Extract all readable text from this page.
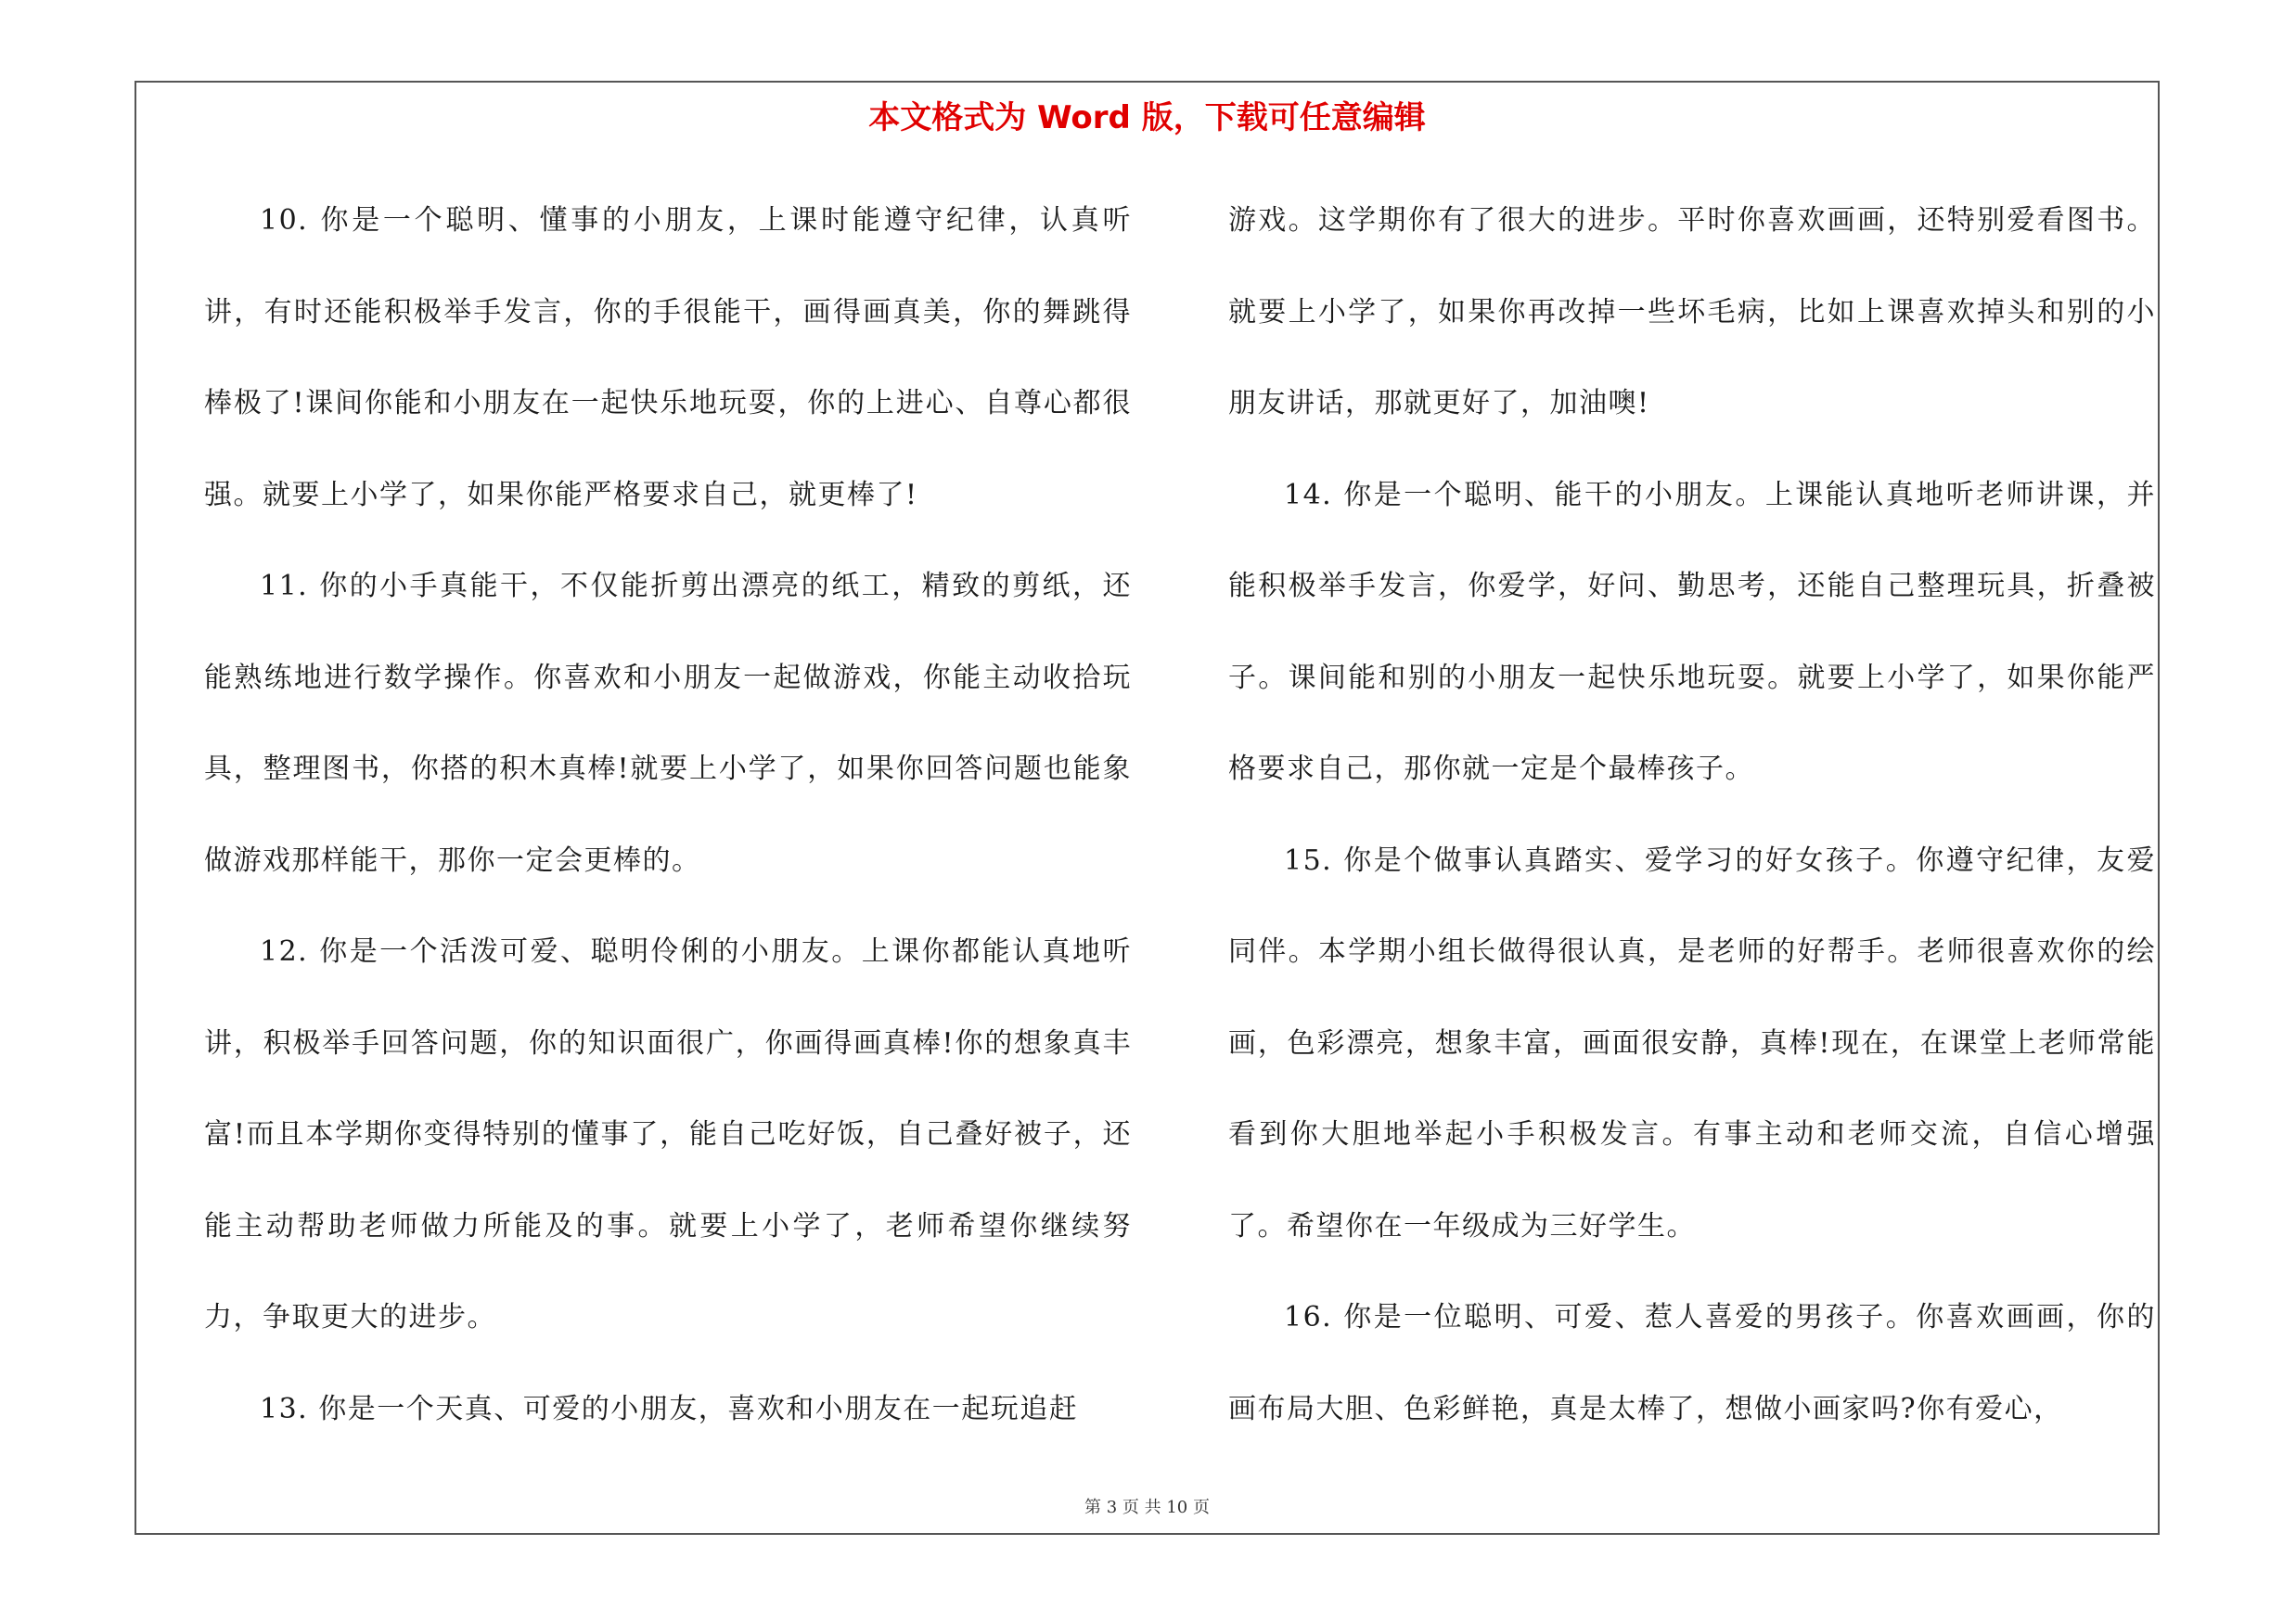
本文格式为 Word 版，下载可任意编辑

10. 你是一个聪明、懂事的小朋友，上课时能遵守纪律，认真听讲，有时还能积极举手发言，你的手很能干，画得画真美，你的舞跳得棒极了!课间你能和小朋友在一起快乐地玩耍，你的上进心、自尊心都很强。就要上小学了，如果你能严格要求自己，就更棒了!

11. 你的小手真能干，不仅能折剪出漂亮的纸工，精致的剪纸，还能熟练地进行数学操作。你喜欢和小朋友一起做游戏，你能主动收拾玩具，整理图书，你搭的积木真棒!就要上小学了，如果你回答问题也能象做游戏那样能干，那你一定会更棒的。

12. 你是一个活泼可爱、聪明伶俐的小朋友。上课你都能认真地听讲，积极举手回答问题，你的知识面很广，你画得画真棒!你的想象真丰富!而且本学期你变得特别的懂事了，能自己吃好饭，自己叠好被子，还能主动帮助老师做力所能及的事。就要上小学了，老师希望你继续努力，争取更大的进步。

13. 你是一个天真、可爱的小朋友，喜欢和小朋友在一起玩追赶

游戏。这学期你有了很大的进步。平时你喜欢画画，还特别爱看图书。就要上小学了，如果你再改掉一些坏毛病，比如上课喜欢掉头和别的小朋友讲话，那就更好了，加油噢!

14. 你是一个聪明、能干的小朋友。上课能认真地听老师讲课，并能积极举手发言，你爱学，好问、勤思考，还能自己整理玩具，折叠被子。课间能和别的小朋友一起快乐地玩耍。就要上小学了，如果你能严格要求自己，那你就一定是个最棒孩子。

15. 你是个做事认真踏实、爱学习的好女孩子。你遵守纪律，友爱同伴。本学期小组长做得很认真，是老师的好帮手。老师很喜欢你的绘画，色彩漂亮，想象丰富，画面很安静，真棒!现在，在课堂上老师常能看到你大胆地举起小手积极发言。有事主动和老师交流，自信心增强了。希望你在一年级成为三好学生。

16. 你是一位聪明、可爱、惹人喜爱的男孩子。你喜欢画画，你的画布局大胆、色彩鲜艳，真是太棒了，想做小画家吗?你有爱心，

第 3 页 共 10 页
